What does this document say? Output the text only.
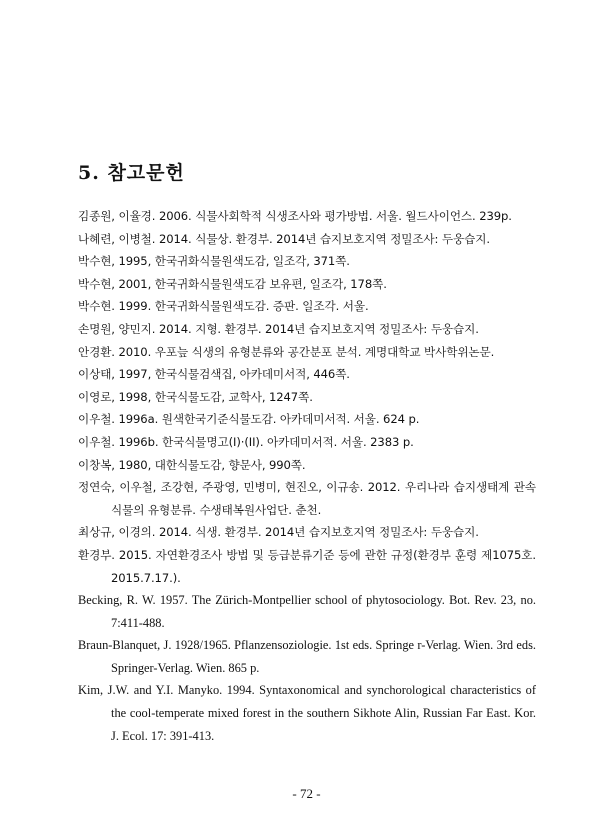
5. 참고문헌
김종원, 이율경. 2006. 식물사회학적 식생조사와 평가방법. 서울. 월드사이언스. 239p.
나혜련, 이병철. 2014. 식물상. 환경부. 2014년 습지보호지역 정밀조사: 두웅습지.
박수현, 1995, 한국귀화식물원색도감, 일조각, 371쪽.
박수현, 2001, 한국귀화식물원색도감 보유편, 일조각, 178쪽.
박수현. 1999. 한국귀화식물원색도감. 증판. 일조각. 서울.
손명원, 양민지. 2014. 지형. 환경부. 2014년 습지보호지역 정밀조사: 두웅습지.
안경환. 2010. 우포늪 식생의 유형분류와 공간분포 분석. 계명대학교 박사학위논문.
이상태, 1997, 한국식물검색집, 아카데미서적, 446쪽.
이영로, 1998, 한국식물도감, 교학사, 1247쪽.
이우철. 1996a. 원색한국기준식물도감. 아카데미서적. 서울. 624 p.
이우철. 1996b. 한국식물명고(I)·(II). 아카데미서적. 서울. 2383 p.
이창복, 1980, 대한식물도감, 향문사, 990쪽.
정연숙, 이우철, 조강현, 주광영, 민병미, 현진오, 이규송. 2012. 우리나라 습지생태계 관속식물의 유형분류. 수생태복원사업단. 춘천.
최상규, 이경의. 2014. 식생. 환경부. 2014년 습지보호지역 정밀조사: 두웅습지.
환경부. 2015. 자연환경조사 방법 및 등급분류기준 등에 관한 규정(환경부 훈령 제1075호. 2015.7.17.).
Becking, R. W. 1957. The Zürich-Montpellier school of phytosociology. Bot. Rev. 23, no. 7:411-488.
Braun-Blanquet, J. 1928/1965. Pflanzensoziologie. 1st eds. Springe r-Verlag. Wien. 3rd eds. Springer-Verlag. Wien. 865 p.
Kim, J.W. and Y.I. Manyko. 1994. Syntaxonomical and synchorological characteristics of the cool-temperate mixed forest in the southern Sikhote Alin, Russian Far East. Kor. J. Ecol. 17: 391-413.
- 72 -
